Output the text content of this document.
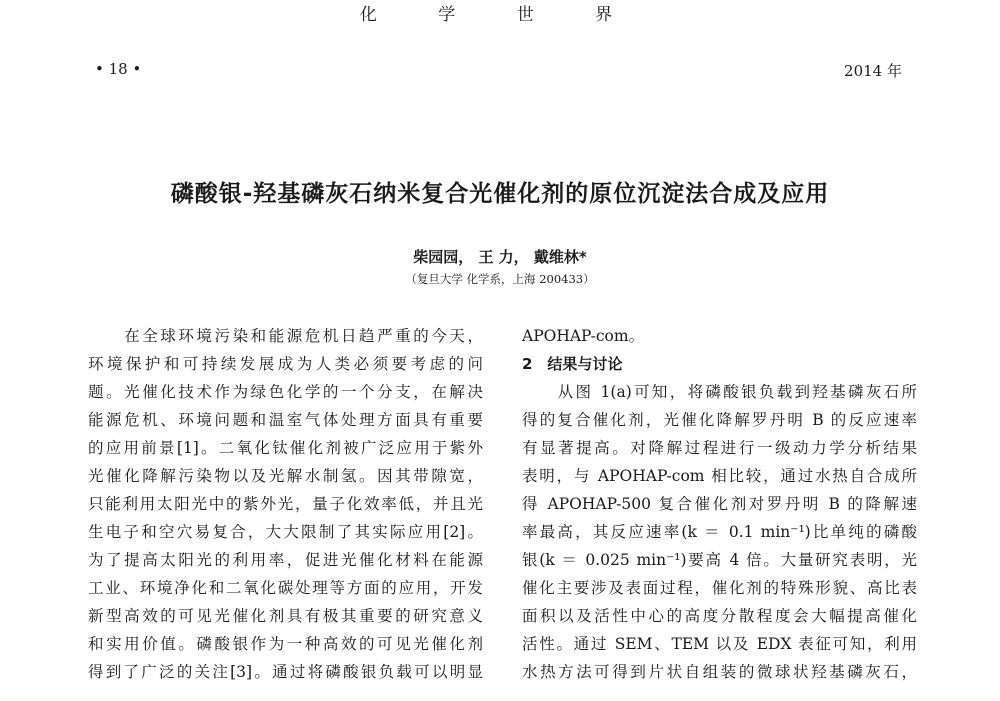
• 18 •
化 学 世 界
2014 年
磷酸银-羟基磷灰石纳米复合光催化剂的原位沉淀法合成及应用
柴园园， 王 力， 戴维林*
（复旦大学 化学系，上海 200433）
　　在全球环境污染和能源危机日趋严重的今天，
环境保护和可持续发展成为人类必须要考虑的问
题。光催化技术作为绿色化学的一个分支，在解决
能源危机、环境问题和温室气体处理方面具有重要
的应用前景[1]。二氧化钛催化剂被广泛应用于紫外
光催化降解污染物以及光解水制氢。因其带隙宽，
只能利用太阳光中的紫外光，量子化效率低，并且光
生电子和空穴易复合，大大限制了其实际应用[2]。
为了提高太阳光的利用率，促进光催化材料在能源
工业、环境净化和二氧化碳处理等方面的应用，开发
新型高效的可见光催化剂具有极其重要的研究意义
和实用价值。磷酸银作为一种高效的可见光催化剂
得到了广泛的关注[3]。通过将磷酸银负载可以明显
APOHAP-com。
2　结果与讨论
　　从图 1(a)可知，将磷酸银负载到羟基磷灰石所
得的复合催化剂，光催化降解罗丹明 B 的反应速率
有显著提高。对降解过程进行一级动力学分析结果
表明，与 APOHAP-com 相比较，通过水热自合成所
得 APOHAP-500 复合催化剂对罗丹明 B 的降解速
率最高，其反应速率(k ＝ 0.1 min⁻¹)比单纯的磷酸
银(k ＝ 0.025 min⁻¹)要高 4 倍。大量研究表明，光
催化主要涉及表面过程，催化剂的特殊形貌、高比表
面积以及活性中心的高度分散程度会大幅提高催化
活性。通过 SEM、TEM 以及 EDX 表征可知，利用
水热方法可得到片状自组装的微球状羟基磷灰石，
